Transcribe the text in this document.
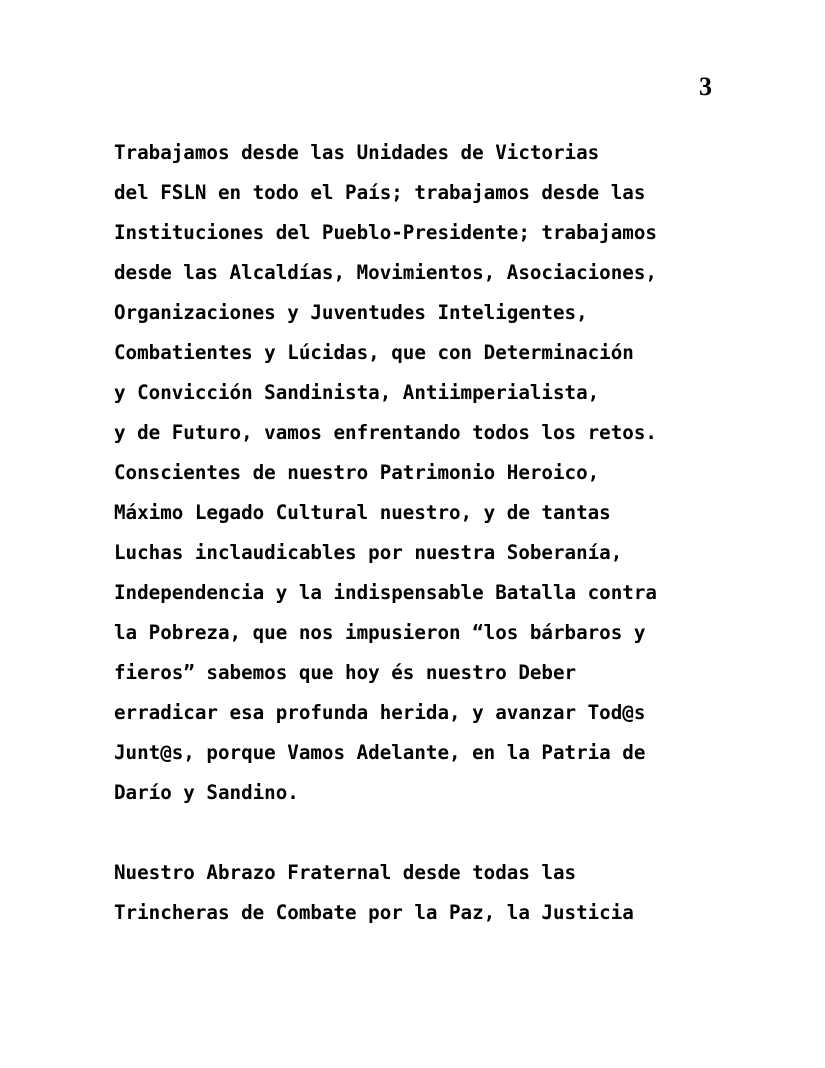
3
Trabajamos desde las Unidades de Victorias
del FSLN en todo el País; trabajamos desde las
Instituciones del Pueblo-Presidente; trabajamos
desde las Alcaldías, Movimientos, Asociaciones,
Organizaciones y Juventudes Inteligentes,
Combatientes y Lúcidas, que con Determinación
y Convicción Sandinista, Antiimperialista,
y de Futuro, vamos enfrentando todos los retos.
Conscientes de nuestro Patrimonio Heroico,
Máximo Legado Cultural nuestro, y de tantas
Luchas inclaudicables por nuestra Soberanía,
Independencia y la indispensable Batalla contra
la Pobreza, que nos impusieron “los bárbaros y
fieros” sabemos que hoy és nuestro Deber
erradicar esa profunda herida, y avanzar Tod@s
Junt@s, porque Vamos Adelante, en la Patria de
Darío y Sandino.
Nuestro Abrazo Fraternal desde todas las
Trincheras de Combate por la Paz, la Justicia
